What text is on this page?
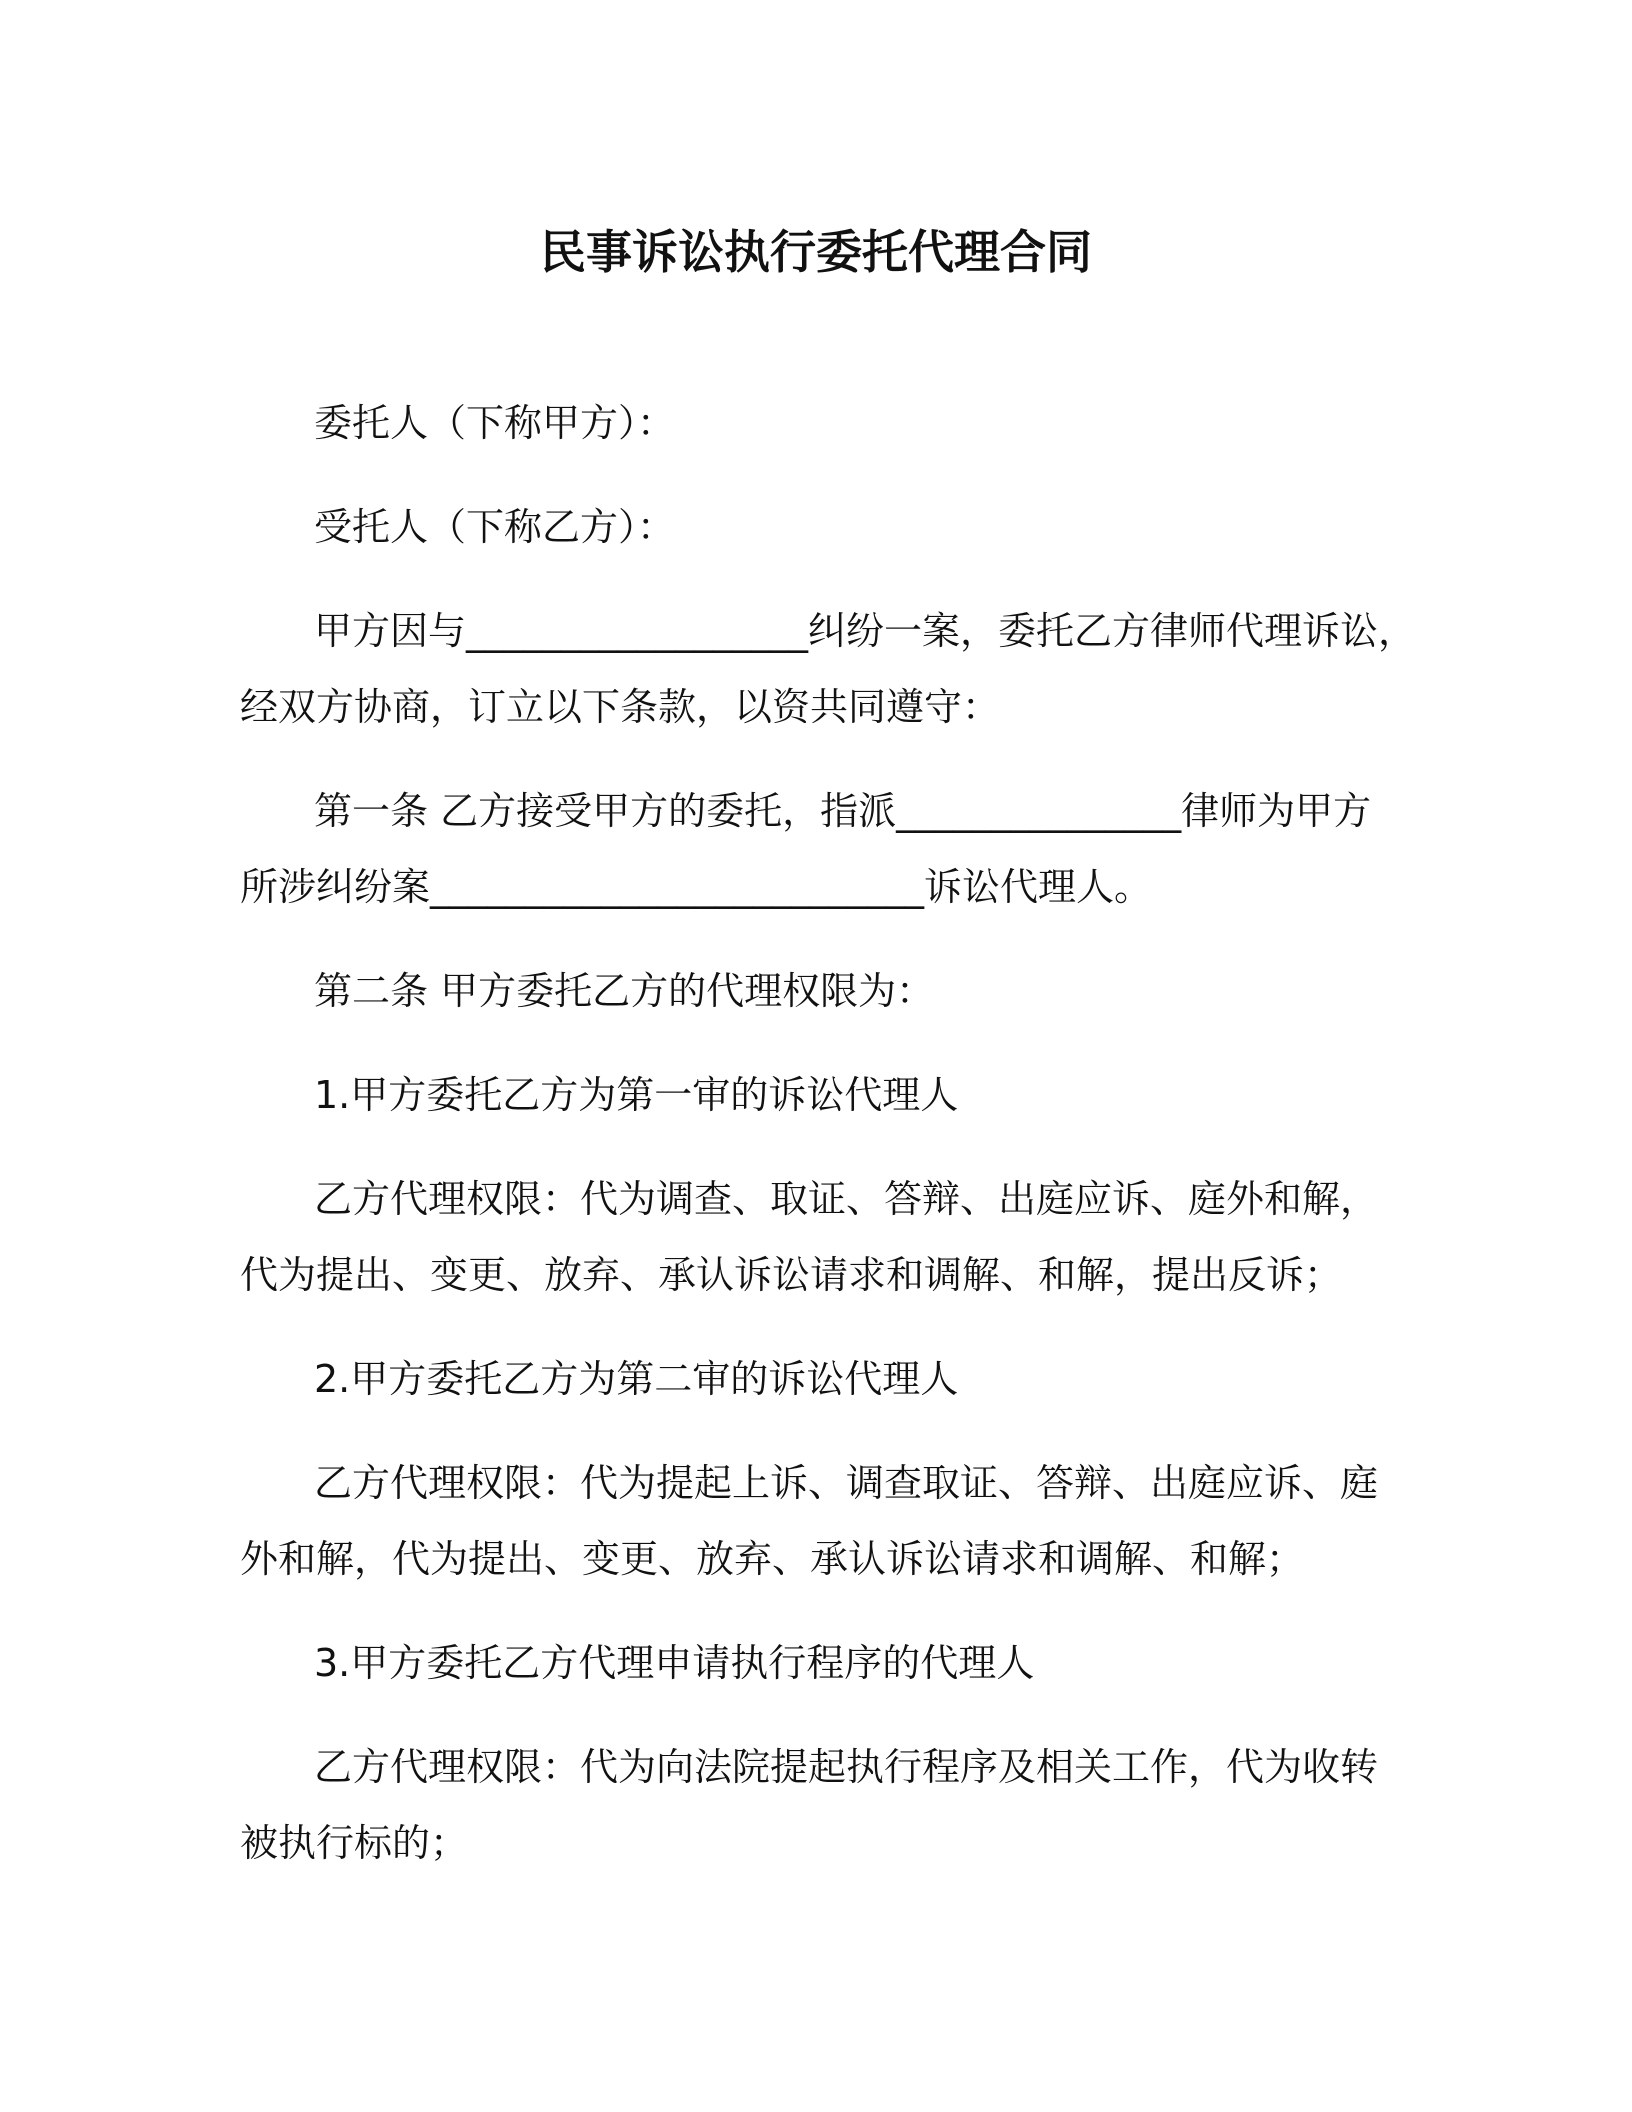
民事诉讼执行委托代理合同
委托人（下称甲方）：
受托人（下称乙方）：
甲方因与__________________纠纷一案，委托乙方律师代理诉讼，
经双方协商，订立以下条款，以资共同遵守：
第一条 乙方接受甲方的委托，指派_______________律师为甲方
所涉纠纷案__________________________诉讼代理人。
第二条 甲方委托乙方的代理权限为：
1.甲方委托乙方为第一审的诉讼代理人
乙方代理权限：代为调查、取证、答辩、出庭应诉、庭外和解，
代为提出、变更、放弃、承认诉讼请求和调解、和解，提出反诉；
2.甲方委托乙方为第二审的诉讼代理人
乙方代理权限：代为提起上诉、调查取证、答辩、出庭应诉、庭
外和解，代为提出、变更、放弃、承认诉讼请求和调解、和解；
3.甲方委托乙方代理申请执行程序的代理人
乙方代理权限：代为向法院提起执行程序及相关工作，代为收转
被执行标的；
